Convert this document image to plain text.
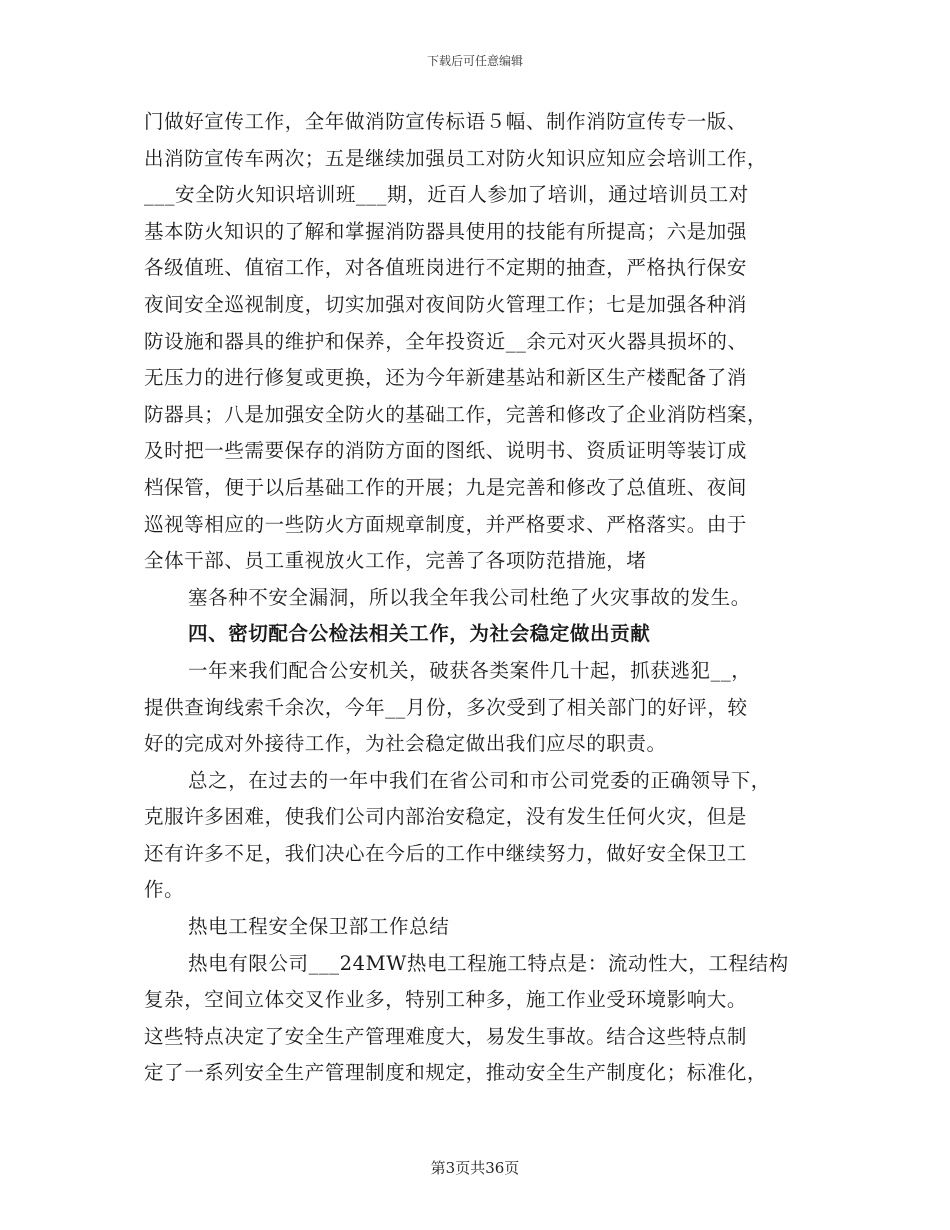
下载后可任意编辑
门做好宣传工作，全年做消防宣传标语５幅、制作消防宣传专一版、
出消防宣传车两次；五是继续加强员工对防火知识应知应会培训工作，
___安全防火知识培训班___期，近百人参加了培训，通过培训员工对
基本防火知识的了解和掌握消防器具使用的技能有所提高；六是加强
各级值班、值宿工作，对各值班岗进行不定期的抽查，严格执行保安
夜间安全巡视制度，切实加强对夜间防火管理工作；七是加强各种消
防设施和器具的维护和保养，全年投资近__余元对灭火器具损坏的、
无压力的进行修复或更换，还为今年新建基站和新区生产楼配备了消
防器具；八是加强安全防火的基础工作，完善和修改了企业消防档案，
及时把一些需要保存的消防方面的图纸、说明书、资质证明等装订成
档保管，便于以后基础工作的开展；九是完善和修改了总值班、夜间
巡视等相应的一些防火方面规章制度，并严格要求、严格落实。由于
全体干部、员工重视放火工作，完善了各项防范措施，堵
塞各种不安全漏洞，所以我全年我公司杜绝了火灾事故的发生。
四、密切配合公检法相关工作，为社会稳定做出贡献
一年来我们配合公安机关，破获各类案件几十起，抓获逃犯__，
提供查询线索千余次，今年__月份，多次受到了相关部门的好评，较
好的完成对外接待工作，为社会稳定做出我们应尽的职责。
总之，在过去的一年中我们在省公司和市公司党委的正确领导下，
克服许多困难，使我们公司内部治安稳定，没有发生任何火灾，但是
还有许多不足，我们决心在今后的工作中继续努力，做好安全保卫工
作。
热电工程安全保卫部工作总结
热电有限公司___24MW热电工程施工特点是：流动性大，工程结构
复杂，空间立体交叉作业多，特别工种多，施工作业受环境影响大。
这些特点决定了安全生产管理难度大，易发生事故。结合这些特点制
定了一系列安全生产管理制度和规定，推动安全生产制度化；标准化，
第3页共36页
